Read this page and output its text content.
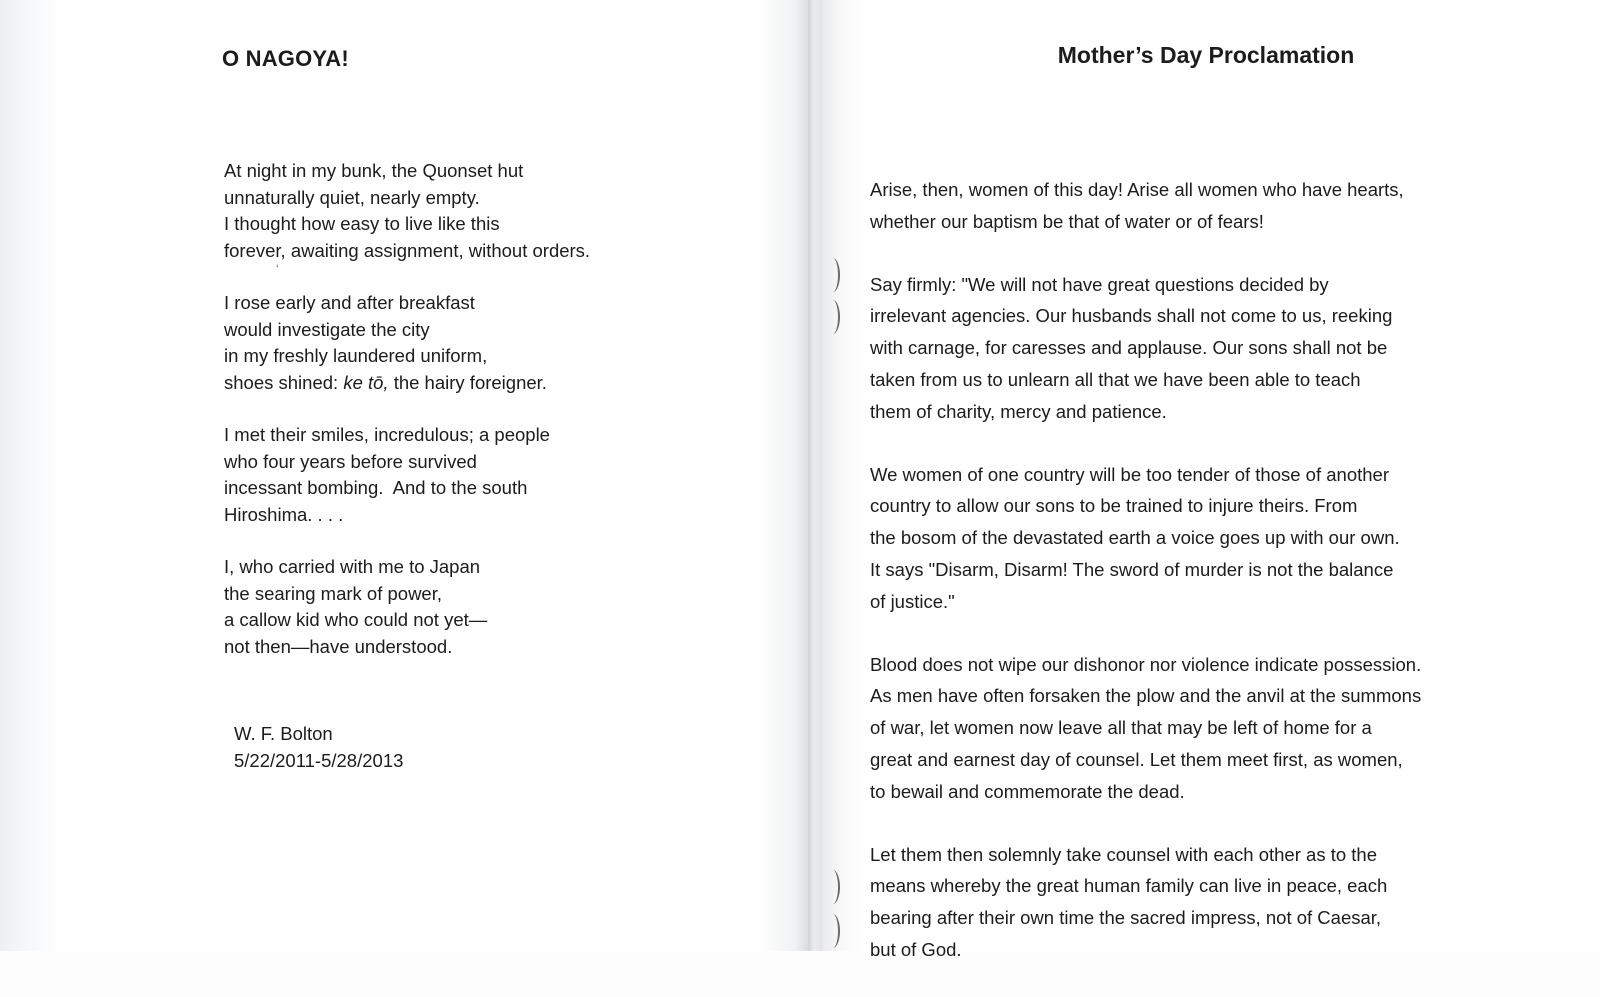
‘
O NAGOYA!
At night in my bunk, the Quonset hut
unnaturally quiet, nearly empty.
I thought how easy to live like this
forever, awaiting assignment, without orders.
I rose early and after breakfast
would investigate the city
in my freshly laundered uniform,
shoes shined: ke tō, the hairy foreigner.
I met their smiles, incredulous; a people
who four years before survived
incessant bombing.  And to the south
Hiroshima. . . .
I, who carried with me to Japan
the searing mark of power,
a callow kid who could not yet—
not then—have understood.
W. F. Bolton
5/22/2011-5/28/2013
Mother’s Day Proclamation
Arise, then, women of this day! Arise all women who have hearts,
whether our baptism be that of water or of fears!
Say firmly: "We will not have great questions decided by
irrelevant agencies. Our husbands shall not come to us, reeking
with carnage, for caresses and applause. Our sons shall not be
taken from us to unlearn all that we have been able to teach
them of charity, mercy and patience.
We women of one country will be too tender of those of another
country to allow our sons to be trained to injure theirs. From
the bosom of the devastated earth a voice goes up with our own.
It says "Disarm, Disarm! The sword of murder is not the balance
of justice."
Blood does not wipe our dishonor nor violence indicate possession.
As men have often forsaken the plow and the anvil at the summons
of war, let women now leave all that may be left of home for a
great and earnest day of counsel. Let them meet first, as women,
to bewail and commemorate the dead.
Let them then solemnly take counsel with each other as to the
means whereby the great human family can live in peace, each
bearing after their own time the sacred impress, not of Caesar,
but of God.
